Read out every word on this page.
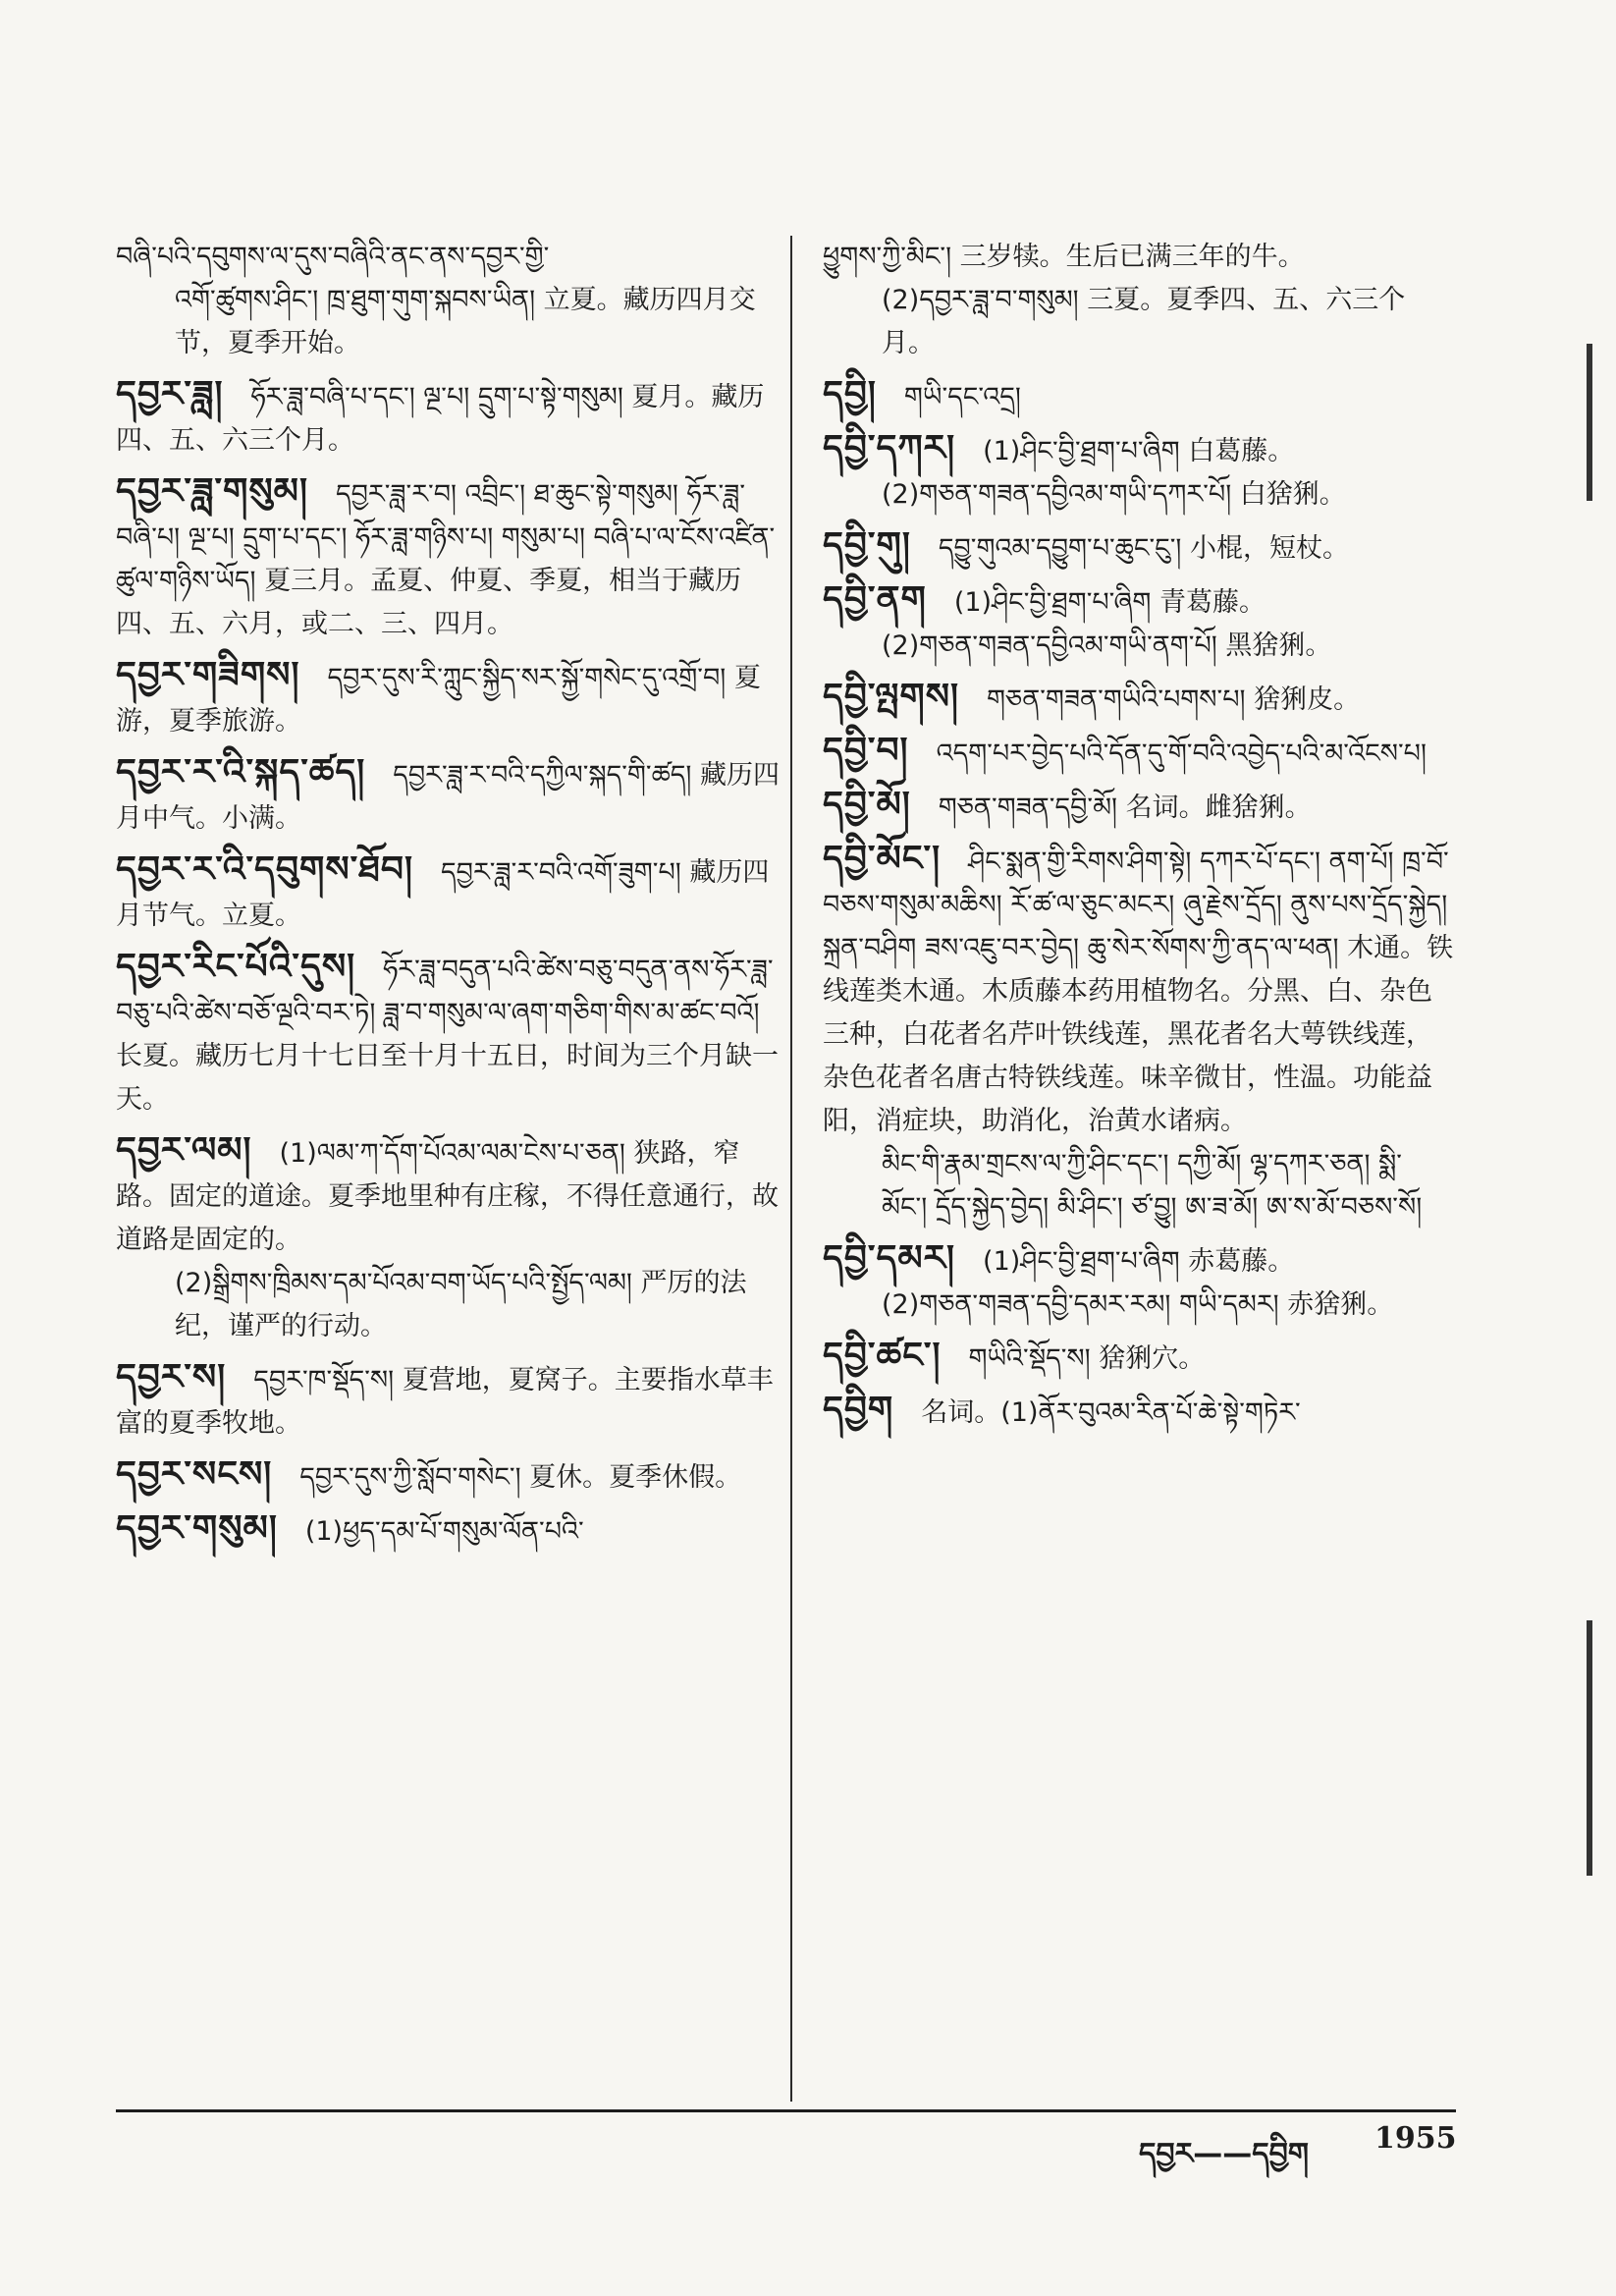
བཞི་པའི་དབུགས་ལ་དུས་བཞིའི་ནང་ནས་དབྱར་གྱི་
འགོ་ཚུགས་ཤིང་། ཁྲ་ཐུག་གུག་སྐབས་ཡིན། 立夏。藏历四月交节，夏季开始。
དབྱར་ཟླ། ཧོར་ཟླ་བཞི་པ་དང་། ལྔ་པ། དྲུག་པ་སྟེ་གསུམ། 夏月。藏历四、五、六三个月。
དབྱར་ཟླ་གསུམ། དབྱར་ཟླ་ར་བ། འབྲིང་། ཐ་ཆུང་སྟེ་གསུམ། ཧོར་ཟླ་བཞི་པ། ལྔ་པ། དྲུག་པ་དང་། ཧོར་ཟླ་གཉིས་པ། གསུམ་པ། བཞི་པ་ལ་ངོས་འཛིན་ཚུལ་གཉིས་ཡོད། 夏三月。孟夏、仲夏、季夏，相当于藏历四、五、六月，或二、三、四月。
དབྱར་གཟིགས། དབྱར་དུས་རི་ཀླུང་སྐྱིད་སར་སྐྱོ་གསེང་དུ་འགྲོ་བ། 夏游，夏季旅游。
དབྱར་ར་འི་སྐད་ཚད། དབྱར་ཟླ་ར་བའི་དཀྱིལ་སྐད་གི་ཚད། 藏历四月中气。小满。
དབྱར་ར་འི་དབུགས་ཐོབ། དབྱར་ཟླ་ར་བའི་འགོ་ཟུག་པ། 藏历四月节气。立夏。
དབྱར་རིང་པོའི་དུས། ཧོར་ཟླ་བདུན་པའི་ཚེས་བཅུ་བདུན་ནས་ཧོར་ཟླ་བཅུ་པའི་ཚེས་བཅོ་ལྔའི་བར་ཏེ། ཟླ་བ་གསུམ་ལ་ཞག་གཅིག་གིས་མ་ཚང་བའོ། 长夏。藏历七月十七日至十月十五日，时间为三个月缺一天。
དབྱར་ལམ། (1)ལམ་ཀ་དོག་པོའམ་ལམ་ངེས་པ་ཅན། 狭路，窄路。固定的道途。夏季地里种有庄稼，不得任意通行，故道路是固定的。
(2)སྒྲིགས་ཁྲིམས་དམ་པོའམ་བག་ཡོད་པའི་སྤྱོད་ལམ། 严厉的法纪，谨严的行动。
དབྱར་ས། དབྱར་ཁ་སྡོད་ས། 夏营地，夏窝子。主要指水草丰富的夏季牧地。
དབྱར་སངས། དབྱར་དུས་ཀྱི་སློབ་གསེང་། 夏休。夏季休假。
དབྱར་གསུམ། (1)ཕྱད་དམ་པོ་གསུམ་ལོན་པའི་
ཕྱུགས་ཀྱི་མིང་། 三岁犊。生后已满三年的牛。
(2)དབྱར་ཟླ་བ་གསུམ། 三夏。夏季四、五、六三个月。
དབྱི། གཡི་དང་འདྲ།
དབྱི་དཀར། (1)ཤིང་བྱི་ཐྲག་པ་ཞིག 白葛藤。
(2)གཅན་གཟན་དབྱིའམ་གཡི་དཀར་པོ། 白猞猁。
དབྱི་གུ། དབྱུ་གུའམ་དབྱུག་པ་ཆུང་ངུ་། 小棍，短杖。
དབྱི་ནག (1)ཤིང་བྱི་ཐྲག་པ་ཞིག 青葛藤。
(2)གཅན་གཟན་དབྱིའམ་གཡི་ནག་པོ། 黑猞猁。
དབྱི་ལྤགས། གཅན་གཟན་གཡིའི་པགས་པ། 猞猁皮。
དབྱི་བ། འདག་པར་བྱེད་པའི་དོན་དུ་གོ་བའི་འབྱེད་པའི་མ་འོངས་པ།
དབྱི་མོ། གཅན་གཟན་དབྱི་མོ། 名词。雌猞猁。
དབྱི་མོང་། ཤིང་སྨན་གྱི་རིགས་ཤིག་སྟེ། དཀར་པོ་དང་། ནག་པོ། ཁྲ་བོ་བཅས་གསུམ་མཆིས། རོ་ཚ་ལ་ཅུང་མངར། ཞུ་རྗེས་དྲོད། ནུས་པས་དྲོད་སྐྱེད། སྐྲན་བཤིག ཟས་འཇུ་བར་བྱེད། ཆུ་སེར་སོགས་ཀྱི་ནད་ལ་ཕན། 木通。铁线莲类木通。木质藤本药用植物名。分黑、白、杂色三种，白花者名芹叶铁线莲，黑花者名大萼铁线莲，杂色花者名唐古特铁线莲。味辛微甘，性温。功能益阳，消症块，助消化，治黄水诸病。
མིང་གི་རྣམ་གྲངས་ལ་ཀྱི་ཤིང་དང་། དཀྱི་མོ། ལྷ་དཀར་ཅན། སྨི་མོང་། དྲོད་སྐྱེད་བྱེད། མི་ཤིང་། ཙ་བྱུ། ཨ་ཟ་མོ། ཨ་ས་མོ་བཅས་སོ།
དབྱི་དམར། (1)ཤིང་བྱི་ཐྲག་པ་ཞིག 赤葛藤。
(2)གཅན་གཟན་དབྱི་དམར་རམ། གཡི་དམར། 赤猞猁。
དབྱི་ཚང་། གཡིའི་སྡོད་ས། 猞猁穴。
དབྱིག 名词。(1)ནོར་བུའམ་རིན་པོ་ཆེ་སྟེ་གཏེར་
དབྱར——དབྱིག 1955
